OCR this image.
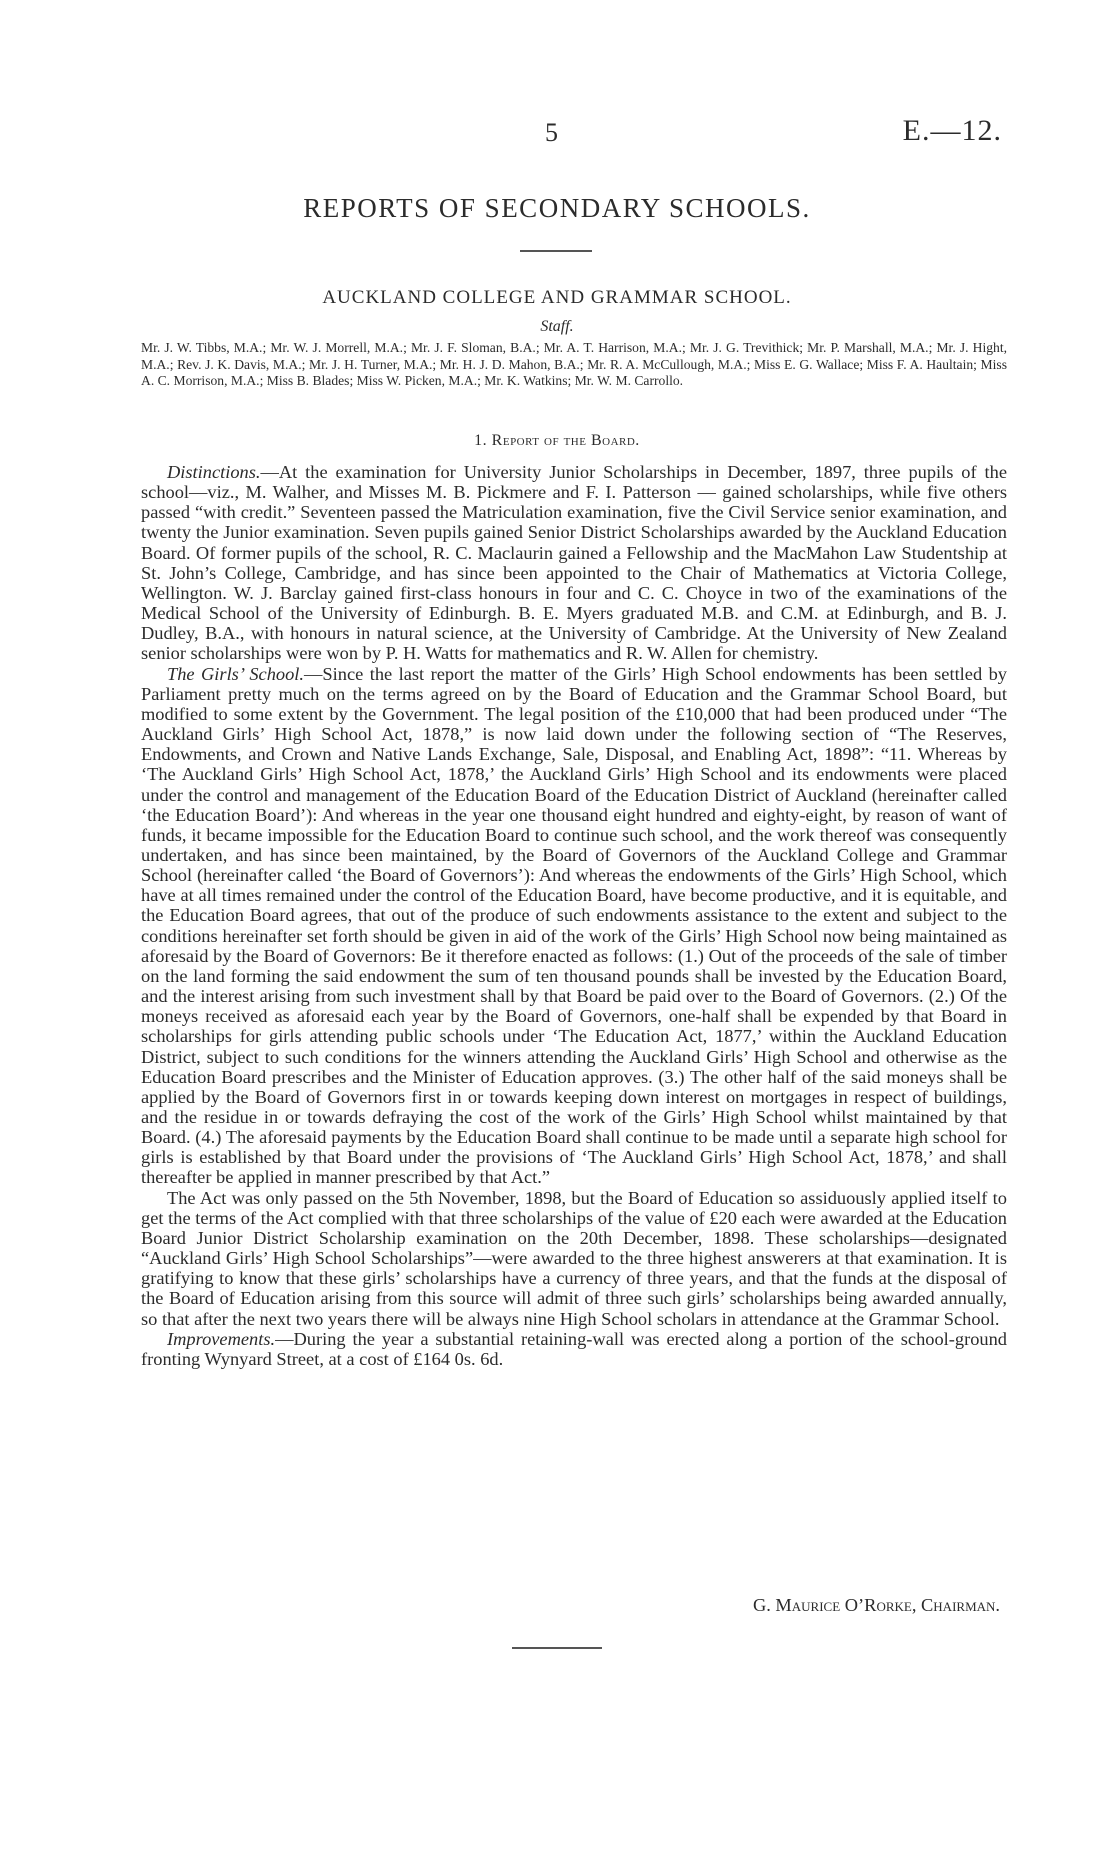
5	E.—12.
REPORTS OF SECONDARY SCHOOLS.
AUCKLAND COLLEGE AND GRAMMAR SCHOOL.
Staff.
Mr. J. W. Tibbs, M.A.; Mr. W. J. Morrell, M.A.; Mr. J. F. Sloman, B.A.; Mr. A. T. Harrison, M.A.; Mr. J. G. Trevithick; Mr. P. Marshall, M.A.; Mr. J. Hight, M.A.; Rev. J. K. Davis, M.A.; Mr. J. H. Turner, M.A.; Mr. H. J. D. Mahon, B.A.; Mr. R. A. McCullough, M.A.; Miss E. G. Wallace; Miss F. A. Haultain; Miss A. C. Morrison, M.A.; Miss B. Blades; Miss W. Picken, M.A.; Mr. K. Watkins; Mr. W. M. Carrollo.
1. Report of the Board.

Distinctions.—At the examination for University Junior Scholarships in December, 1897, three pupils of the school—viz., M. Walher, and Misses M. B. Pickmere and F. I. Patterson — gained scholarships, while five others passed “with credit.” Seventeen passed the Matriculation examination, five the Civil Service senior examination, and twenty the Junior examination. Seven pupils gained Senior District Scholarships awarded by the Auckland Education Board. Of former pupils of the school, R. C. Maclaurin gained a Fellowship and the MacMahon Law Studentship at St. John’s College, Cambridge, and has since been appointed to the Chair of Mathematics at Victoria College, Wellington. W. J. Barclay gained first-class honours in four and C. C. Choyce in two of the examinations of the Medical School of the University of Edinburgh. B. E. Myers graduated M.B. and C.M. at Edinburgh, and B. J. Dudley, B.A., with honours in natural science, at the University of Cambridge. At the University of New Zealand senior scholarships were won by P. H. Watts for mathematics and R. W. Allen for chemistry.

The Girls’ School.—Since the last report the matter of the Girls’ High School endowments has been settled by Parliament pretty much on the terms agreed on by the Board of Education and the Grammar School Board, but modified to some extent by the Government. The legal position of the £10,000 that had been produced under “The Auckland Girls’ High School Act, 1878,” is now laid down under the following section of “The Reserves, Endowments, and Crown and Native Lands Exchange, Sale, Disposal, and Enabling Act, 1898”: “11. Whereas by ‘The Auckland Girls’ High School Act, 1878,’ the Auckland Girls’ High School and its endowments were placed under the control and management of the Education Board of the Education District of Auckland (hereinafter called ‘the Education Board’): And whereas in the year one thousand eight hundred and eighty-eight, by reason of want of funds, it became impossible for the Education Board to continue such school, and the work thereof was consequently undertaken, and has since been maintained, by the Board of Governors of the Auckland College and Grammar School (hereinafter called ‘the Board of Governors’): And whereas the endowments of the Girls’ High School, which have at all times remained under the control of the Education Board, have become productive, and it is equitable, and the Education Board agrees, that out of the produce of such endowments assistance to the extent and subject to the conditions hereinafter set forth should be given in aid of the work of the Girls’ High School now being maintained as aforesaid by the Board of Governors: Be it therefore enacted as follows: (1.) Out of the proceeds of the sale of timber on the land forming the said endowment the sum of ten thousand pounds shall be invested by the Education Board, and the interest arising from such investment shall by that Board be paid over to the Board of Governors. (2.) Of the moneys received as aforesaid each year by the Board of Governors, one-half shall be expended by that Board in scholarships for girls attending public schools under ‘The Education Act, 1877,’ within the Auckland Education District, subject to such conditions for the winners attending the Auckland Girls’ High School and otherwise as the Education Board prescribes and the Minister of Education approves. (3.) The other half of the said moneys shall be applied by the Board of Governors first in or towards keeping down interest on mortgages in respect of buildings, and the residue in or towards defraying the cost of the work of the Girls’ High School whilst maintained by that Board. (4.) The aforesaid payments by the Education Board shall continue to be made until a separate high school for girls is established by that Board under the provisions of ‘The Auckland Girls’ High School Act, 1878,’ and shall thereafter be applied in manner prescribed by that Act.”

The Act was only passed on the 5th November, 1898, but the Board of Education so assiduously applied itself to get the terms of the Act complied with that three scholarships of the value of £20 each were awarded at the Education Board Junior District Scholarship examination on the 20th December, 1898. These scholarships—designated “Auckland Girls’ High School Scholarships”—were awarded to the three highest answerers at that examination. It is gratifying to know that these girls’ scholarships have a currency of three years, and that the funds at the disposal of the Board of Education arising from this source will admit of three such girls’ scholarships being awarded annually, so that after the next two years there will be always nine High School scholars in attendance at the Grammar School.

Improvements.—During the year a substantial retaining-wall was erected along a portion of the school-ground fronting Wynyard Street, at a cost of £164 0s. 6d.

G. Maurice O’Rorke, Chairman.
